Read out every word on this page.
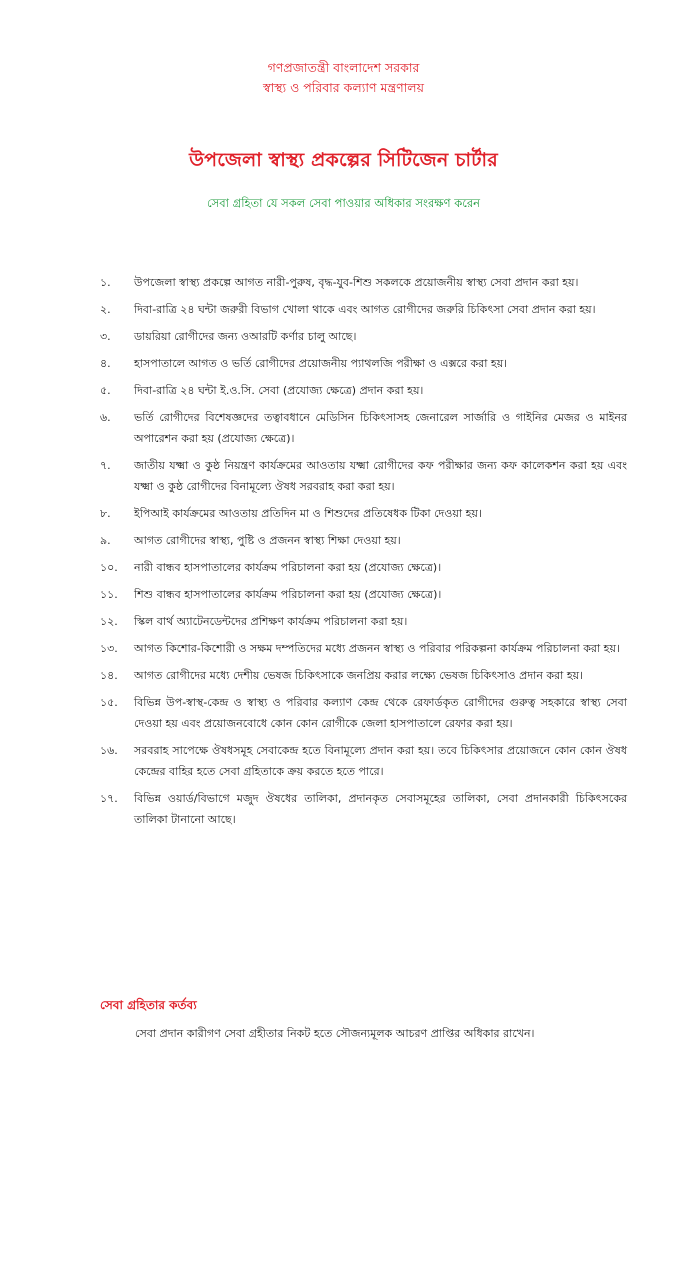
গণপ্রজাতন্ত্রী বাংলাদেশ সরকার
স্বাস্থ্য ও পরিবার কল্যাণ মন্ত্রণালয়
উপজেলা স্বাস্থ্য প্রকল্পের সিটিজেন চার্টার
সেবা গ্রহিতা যে সকল সেবা পাওয়ার অধিকার সংরক্ষণ করেন
১.	উপজেলা স্বাস্থ্য প্রকল্পে আগত নারী-পুরুষ, বৃদ্ধ-যুব-শিশু সকলকে প্রয়োজনীয় স্বাস্থ্য সেবা প্রদান করা হয়।
২.	দিবা-রাত্রি ২৪ ঘন্টা জরুরী বিভাগ খোলা থাকে এবং আগত রোগীদের জরুরি চিকিৎসা সেবা প্রদান করা হয়।
৩.	ডায়রিয়া রোগীদের জন্য ওআরটি কর্ণার চালু আছে।
৪.	হাসপাতালে আগত ও ভর্তি রোগীদের প্রয়োজনীয় প্যাথলজি পরীক্ষা ও এক্সরে করা হয়।
৫.	দিবা-রাত্রি ২৪ ঘন্টা ই.ও.সি. সেবা (প্রযোজ্য ক্ষেত্রে) প্রদান করা হয়।
৬.	ভর্তি রোগীদের বিশেষজ্ঞদের তত্বাবধানে মেডিসিন চিকিৎসাসহ জেনারেল সার্জারি ও গাইনির মেজর ও মাইনর অপারেশন করা হয় (প্রযোজ্য ক্ষেত্রে)।
৭.	জাতীয় যক্ষ্মা ও কুষ্ঠ নিয়ন্ত্রণ কার্যক্রমের আওতায় যক্ষ্মা রোগীদের কফ পরীক্ষার জন্য কফ কালেকশন করা হয় এবং যক্ষ্মা ও কুষ্ঠ রোগীদের বিনামূল্যে ঔষধ সরবরাহ করা করা হয়।
৮.	ইপিআই কার্যক্রমের আওতায় প্রতিদিন মা ও শিশুদের প্রতিষেধক টিকা দেওয়া হয়।
৯.	আগত রোগীদের স্বাস্থ্য, পুষ্টি ও প্রজনন স্বাস্থ্য শিক্ষা দেওয়া হয়।
১০.	নারী বান্ধব হাসপাতালের কার্যক্রম পরিচালনা করা হয় (প্রযোজ্য ক্ষেত্রে)।
১১.	শিশু বান্ধব হাসপাতালের কার্যক্রম পরিচালনা করা হয় (প্রযোজ্য ক্ষেত্রে)।
১২.	স্কিল বার্থ অ্যাটেনডেন্টদের প্রশিক্ষণ কার্যক্রম পরিচালনা করা হয়।
১৩.	আগত কিশোর-কিশোরী ও সক্ষম দম্পতিদের মধ্যে প্রজনন স্বাস্থ্য ও পরিবার পরিকল্পনা কার্যক্রম পরিচালনা করা হয়।
১৪.	আগত রোগীদের মধ্যে দেশীয় ভেষজ চিকিৎসাকে জনপ্রিয় করার লক্ষ্যে ভেষজ চিকিৎসাও প্রদান করা হয়।
১৫.	বিভিন্ন উপ-স্বাস্থ-কেন্দ্র ও স্বাস্থ্য ও পরিবার কল্যাণ কেন্দ্র থেকে রেফার্ডকৃত রোগীদের গুরুত্ব সহকারে স্বাস্থ্য সেবা দেওয়া হয় এবং প্রয়োজনবোধে কোন কোন রোগীকে জেলা হাসপাতালে রেফার করা হয়।
১৬.	সরবরাহ সাপেক্ষে ঔষধসমূহ সেবাকেন্দ্র হতে বিনামূল্যে প্রদান করা হয়। তবে চিকিৎসার প্রয়োজনে কোন কোন ঔষধ কেন্দ্রের বাহির হতে সেবা গ্রহিতাকে ক্রয় করতে হতে পারে।
১৭.	বিভিন্ন ওয়ার্ড/বিভাগে মজুদ ঔষধের তালিকা, প্রদানকৃত সেবাসমূহের তালিকা, সেবা প্রদানকারী চিকিৎসকের তালিকা টানানো আছে।
সেবা গ্রহিতার কর্তব্য
সেবা প্রদান কারীগণ সেবা গ্রহীতার নিকট হতে সৌজন্যমূলক আচরণ প্রাপ্তির অধিকার রাখেন।
